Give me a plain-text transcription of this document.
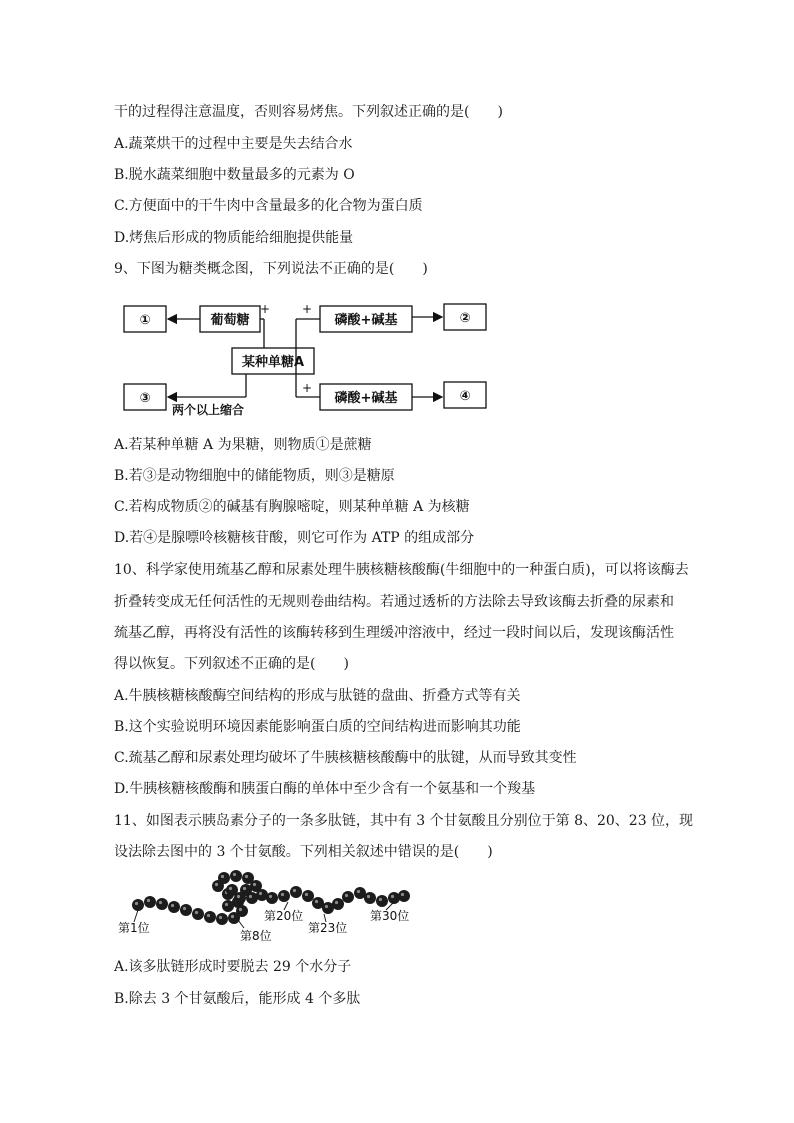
干的过程得注意温度，否则容易烤焦。下列叙述正确的是(　　)
A.蔬菜烘干的过程中主要是失去结合水
B.脱水蔬菜细胞中数量最多的元素为 O
C.方便面中的干牛肉中含量最多的化合物为蛋白质
D.烤焦后形成的物质能给细胞提供能量
9、下图为糖类概念图，下列说法不正确的是(　　)
①	葡萄糖	磷酸+碱基	②
某种单糖A
③	磷酸+碱基	④
两个以上缩合
+	+
+
A.若某种单糖 A 为果糖，则物质①是蔗糖
B.若③是动物细胞中的储能物质，则③是糖原
C.若构成物质②的碱基有胸腺嘧啶，则某种单糖 A 为核糖
D.若④是腺嘌呤核糖核苷酸，则它可作为 ATP 的组成部分
10、科学家使用巯基乙醇和尿素处理牛胰核糖核酸酶(牛细胞中的一种蛋白质)，可以将该酶去
折叠转变成无任何活性的无规则卷曲结构。若通过透析的方法除去导致该酶去折叠的尿素和
巯基乙醇，再将没有活性的该酶转移到生理缓冲溶液中，经过一段时间以后，发现该酶活性
得以恢复。下列叙述不正确的是(　　)
A.牛胰核糖核酸酶空间结构的形成与肽链的盘曲、折叠方式等有关
B.这个实验说明环境因素能影响蛋白质的空间结构进而影响其功能
C.巯基乙醇和尿素处理均破坏了牛胰核糖核酸酶中的肽键，从而导致其变性
D.牛胰核糖核酸酶和胰蛋白酶的单体中至少含有一个氨基和一个羧基
11、如图表示胰岛素分子的一条多肽链，其中有 3 个甘氨酸且分别位于第 8、20、23 位，现
设法除去图中的 3 个甘氨酸。下列相关叙述中错误的是(　　)
第1位
第8位
第20位
第23位
第30位
A.该多肽链形成时要脱去 29 个水分子
B.除去 3 个甘氨酸后，能形成 4 个多肽
